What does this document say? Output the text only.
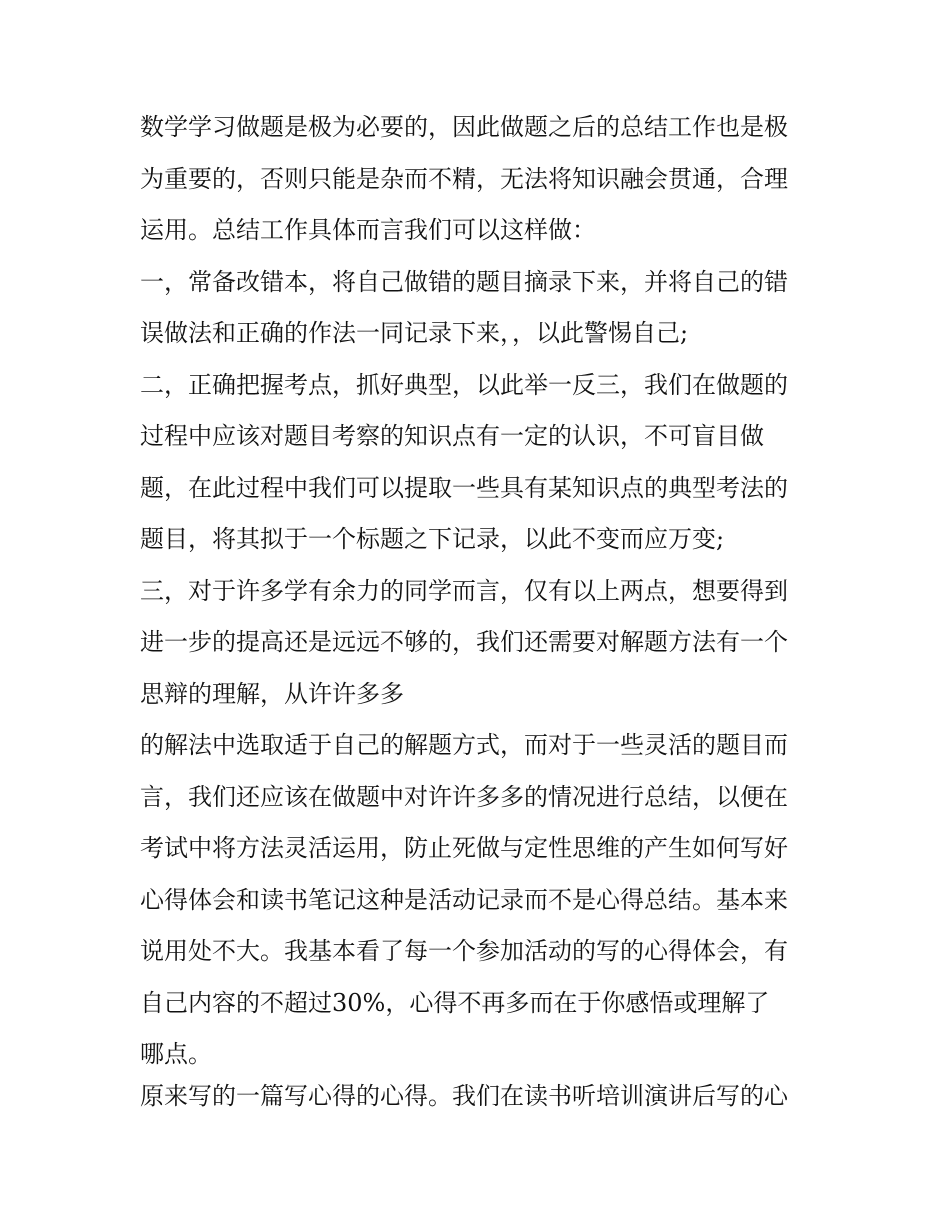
数学学习做题是极为必要的，因此做题之后的总结工作也是极
为重要的，否则只能是杂而不精，无法将知识融会贯通，合理
运用。总结工作具体而言我们可以这样做：
一，常备改错本，将自己做错的题目摘录下来，并将自己的错
误做法和正确的作法一同记录下来，，以此警惕自己;
二，正确把握考点，抓好典型，以此举一反三，我们在做题的
过程中应该对题目考察的知识点有一定的认识，不可盲目做
题，在此过程中我们可以提取一些具有某知识点的典型考法的
题目，将其拟于一个标题之下记录，以此不变而应万变;
三，对于许多学有余力的同学而言，仅有以上两点，想要得到
进一步的提高还是远远不够的，我们还需要对解题方法有一个
思辩的理解，从许许多多
的解法中选取适于自己的解题方式，而对于一些灵活的题目而
言，我们还应该在做题中对许许多多的情况进行总结，以便在
考试中将方法灵活运用，防止死做与定性思维的产生如何写好
心得体会和读书笔记这种是活动记录而不是心得总结。基本来
说用处不大。我基本看了每一个参加活动的写的心得体会，有
自己内容的不超过30%，心得不再多而在于你感悟或理解了
哪点。
原来写的一篇写心得的心得。我们在读书听培训演讲后写的心
